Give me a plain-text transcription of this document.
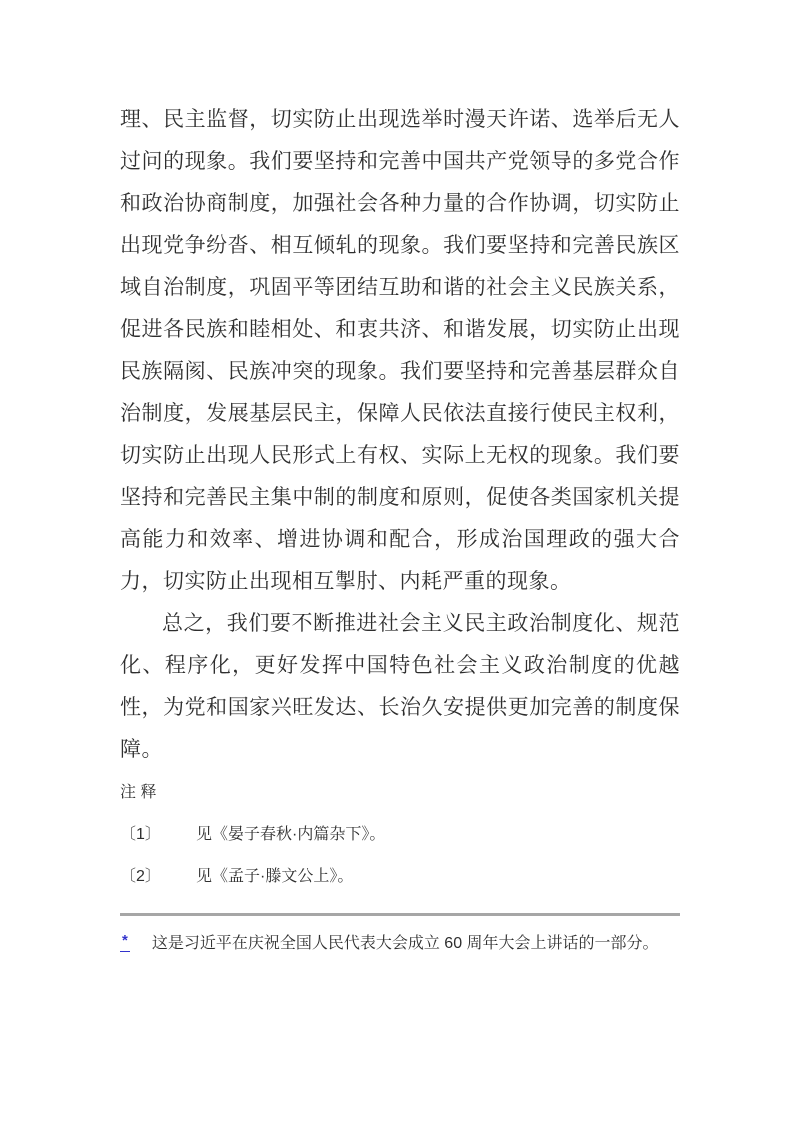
理、民主监督，切实防止出现选举时漫天许诺、选举后无人过问的现象。我们要坚持和完善中国共产党领导的多党合作和政治协商制度，加强社会各种力量的合作协调，切实防止出现党争纷沓、相互倾轧的现象。我们要坚持和完善民族区域自治制度，巩固平等团结互助和谐的社会主义民族关系，促进各民族和睦相处、和衷共济、和谐发展，切实防止出现民族隔阂、民族冲突的现象。我们要坚持和完善基层群众自治制度，发展基层民主，保障人民依法直接行使民主权利，切实防止出现人民形式上有权、实际上无权的现象。我们要坚持和完善民主集中制的制度和原则，促使各类国家机关提高能力和效率、增进协调和配合，形成治国理政的强大合力，切实防止出现相互掣肘、内耗严重的现象。

总之，我们要不断推进社会主义民主政治制度化、规范化、程序化，更好发挥中国特色社会主义政治制度的优越性，为党和国家兴旺发达、长治久安提供更加完善的制度保障。

注 释
〔1〕	见《晏子春秋·内篇杂下》。
〔2〕	见《孟子·滕文公上》。
* 这是习近平在庆祝全国人民代表大会成立 60 周年大会上讲话的一部分。
